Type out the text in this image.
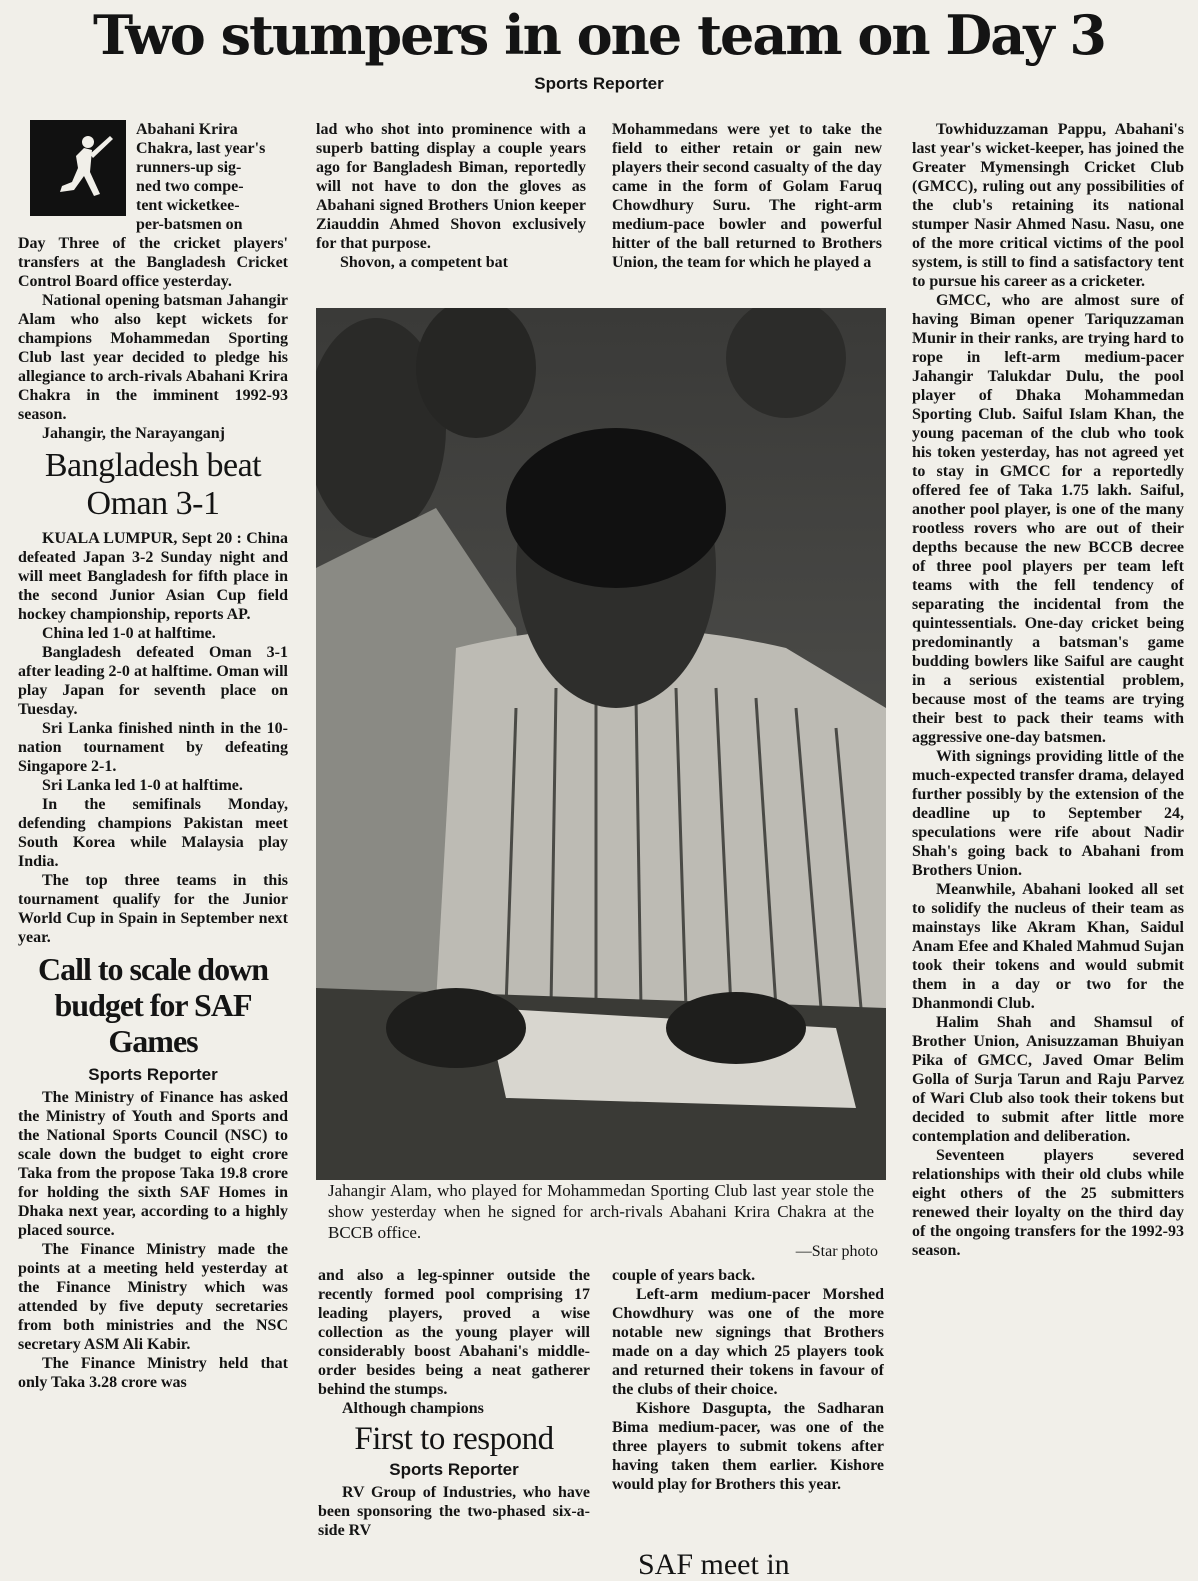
Two stumpers in one team on Day 3
Sports Reporter
Abahani Krira
Chakra, last year's
runners-up sig-
ned two compe-
tent wicketkee-
per-batsmen on

Day Three of the cricket players' transfers at the Bangladesh Cricket Control Board office yesterday.

National opening batsman Jahangir Alam who also kept wickets for champions Mohammedan Sporting Club last year decided to pledge his allegiance to arch-rivals Abahani Krira Chakra in the imminent 1992-93 season.

Jahangir, the Narayanganj

Bangladesh beat Oman 3-1

KUALA LUMPUR, Sept 20 : China defeated Japan 3-2 Sunday night and will meet Bangladesh for fifth place in the second Junior Asian Cup field hockey championship, reports AP.

China led 1-0 at halftime.

Bangladesh defeated Oman 3-1 after leading 2-0 at halftime. Oman will play Japan for seventh place on Tuesday.

Sri Lanka finished ninth in the 10-nation tournament by defeating Singapore 2-1.

Sri Lanka led 1-0 at halftime.

In the semifinals Monday, defending champions Pakistan meet South Korea while Malaysia play India.

The top three teams in this tournament qualify for the Junior World Cup in Spain in September next year.

Call to scale down budget for SAF Games
Sports Reporter

The Ministry of Finance has asked the Ministry of Youth and Sports and the National Sports Council (NSC) to scale down the budget to eight crore Taka from the propose Taka 19.8 crore for holding the sixth SAF Homes in Dhaka next year, according to a highly placed source.

The Finance Ministry made the points at a meeting held yesterday at the Finance Ministry which was attended by five deputy secretaries from both ministries and the NSC secretary ASM Ali Kabir.

The Finance Ministry held that only Taka 3.28 crore was

lad who shot into prominence with a superb batting display a couple years ago for Bangladesh Biman, reportedly will not have to don the gloves as Abahani signed Brothers Union keeper Ziauddin Ahmed Shovon exclusively for that purpose.

Shovon, a competent bat

Mohammedans were yet to take the field to either retain or gain new players their second casualty of the day came in the form of Golam Faruq Chowdhury Suru. The right-arm medium-pace bowler and powerful hitter of the ball returned to Brothers Union, the team for which he played a

Jahangir Alam, who played for Mohammedan Sporting Club last year stole the show yesterday when he signed for arch-rivals Abahani Krira Chakra at the BCCB office.
—Star photo

and also a leg-spinner outside the recently formed pool comprising 17 leading players, proved a wise collection as the young player will considerably boost Abahani's middle-order besides being a neat gatherer behind the stumps.

Although champions

First to respond
Sports Reporter

RV Group of Industries, who have been sponsoring the two-phased six-a-side RV

couple of years back.

Left-arm medium-pacer Morshed Chowdhury was one of the more notable new signings that Brothers made on a day which 25 players took and returned their tokens in favour of the clubs of their choice.

Kishore Dasgupta, the Sadharan Bima medium-pacer, was one of the three players to submit tokens after having taken them earlier. Kishore would play for Brothers this year.

SAF meet in

Towhiduzzaman Pappu, Abahani's last year's wicket-keeper, has joined the Greater Mymensingh Cricket Club (GMCC), ruling out any possibilities of the club's retaining its national stumper Nasir Ahmed Nasu. Nasu, one of the more critical victims of the pool system, is still to find a satisfactory tent to pursue his career as a cricketer.

GMCC, who are almost sure of having Biman opener Tariquzzaman Munir in their ranks, are trying hard to rope in left-arm medium-pacer Jahangir Talukdar Dulu, the pool player of Dhaka Mohammedan Sporting Club. Saiful Islam Khan, the young paceman of the club who took his token yesterday, has not agreed yet to stay in GMCC for a reportedly offered fee of Taka 1.75 lakh. Saiful, another pool player, is one of the many rootless rovers who are out of their depths because the new BCCB decree of three pool players per team left teams with the fell tendency of separating the incidental from the quintessentials. One-day cricket being predominantly a batsman's game budding bowlers like Saiful are caught in a serious existential problem, because most of the teams are trying their best to pack their teams with aggressive one-day batsmen.

With signings providing little of the much-expected transfer drama, delayed further possibly by the extension of the deadline up to September 24, speculations were rife about Nadir Shah's going back to Abahani from Brothers Union.

Meanwhile, Abahani looked all set to solidify the nucleus of their team as mainstays like Akram Khan, Saidul Anam Efee and Khaled Mahmud Sujan took their tokens and would submit them in a day or two for the Dhanmondi Club.

Halim Shah and Shamsul of Brother Union, Anisuzzaman Bhuiyan Pika of GMCC, Javed Omar Belim Golla of Surja Tarun and Raju Parvez of Wari Club also took their tokens but decided to submit after little more contemplation and deliberation.

Seventeen players severed relationships with their old clubs while eight others of the 25 submitters renewed their loyalty on the third day of the ongoing transfers for the 1992-93 season.
